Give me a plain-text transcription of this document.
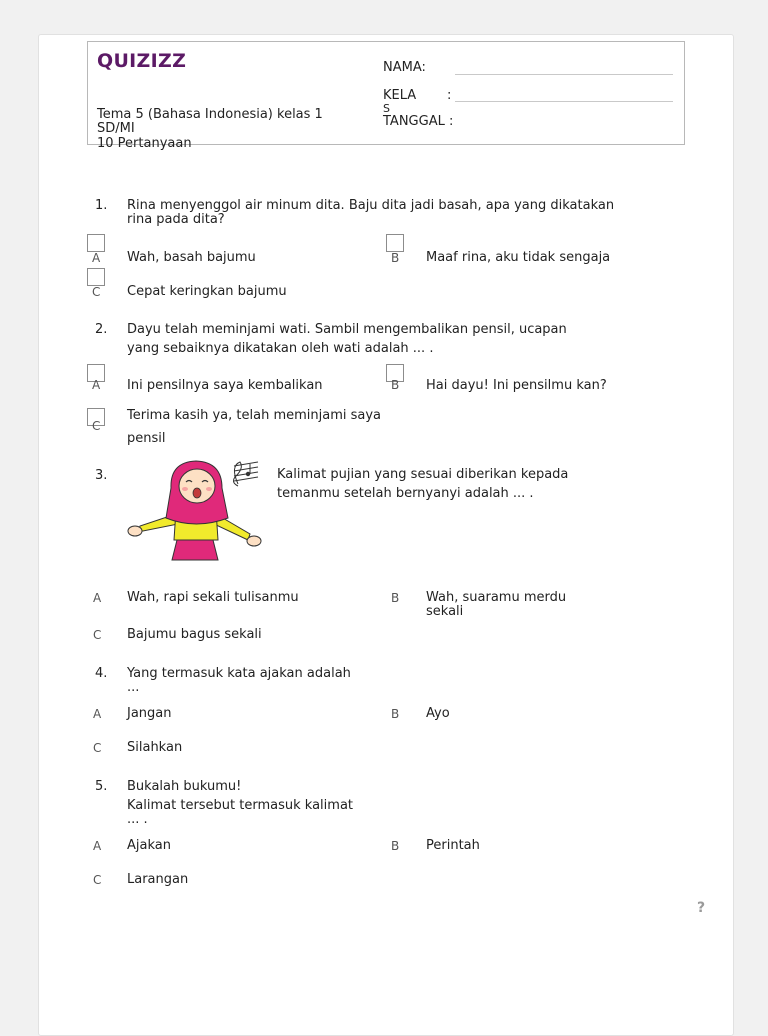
QUIZIZZ
Tema 5 (Bahasa Indonesia) kelas 1
SD/MI
10 Pertanyaan
NAMA:
KELA
S
:
TANGGAL :
1. Rina menyenggol air minum dita. Baju dita jadi basah, apa yang dikatakan
rina pada dita?
A Wah, basah bajumu	B Maaf rina, aku tidak sengaja
C Cepat keringkan bajumu
2. Dayu telah meminjami wati. Sambil mengembalikan pensil, ucapan
yang sebaiknya dikatakan oleh wati adalah ... .
A Ini pensilnya saya kembalikan	B Hai dayu! Ini pensilmu kan?
C
Terima kasih ya, telah meminjami saya
pensil
3.	Kalimat pujian yang sesuai diberikan kepada
temanmu setelah bernyanyi adalah ... .
A Wah, rapi sekali tulisanmu	B Wah, suaramu merdu
sekali
C Bajumu bagus sekali
4. Yang termasuk kata ajakan adalah
...
A Jangan	B Ayo
C Silahkan
5. Bukalah bukumu!
Kalimat tersebut termasuk kalimat
... .
A Ajakan	B Perintah
C Larangan
?
